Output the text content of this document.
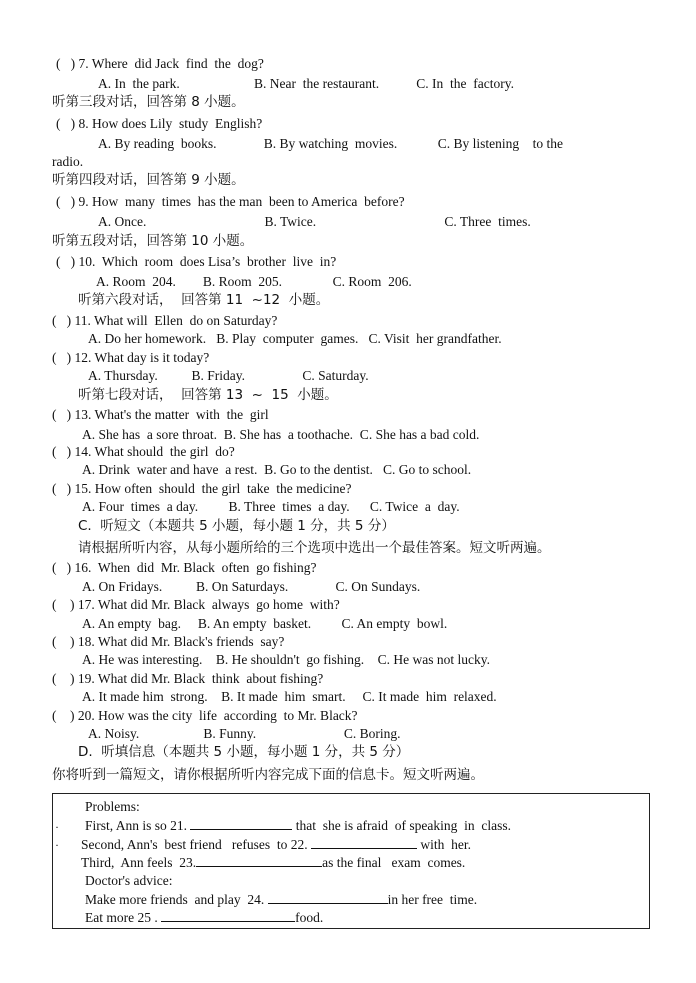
(   ) 7. Where  did Jack  find  the  dog?
A. In  the park.                      B. Near  the restaurant.           C. In  the  factory.
听第三段对话，回答第 8 小题。
(   ) 8. How does Lily  study  English?
A. By reading  books.              B. By watching  movies.            C. By listening    to the
radio.
听第四段对话，回答第 9 小题。
(   ) 9. How  many  times  has the man  been to America  before?
A. Once.                                   B. Twice.                                      C. Three  times.
听第五段对话，回答第 10 小题。
(   ) 10.  Which  room  does Lisa’s  brother  live  in?
A. Room  204.        B. Room  205.               C. Room  206.
听第六段对话，  回答第 11  ~12  小题。
(   ) 11. What will  Ellen  do on Saturday?
A. Do her homework.   B. Play  computer  games.   C. Visit  her grandfather.
(   ) 12. What day is it today?
A. Thursday.          B. Friday.                 C. Saturday.
听第七段对话，  回答第 13  ~  15  小题。
(   ) 13. What's the matter  with  the  girl
A. She has  a sore throat.  B. She has  a toothache.  C. She has a bad cold.
(   ) 14. What should  the girl  do?
A. Drink  water and have  a rest.  B. Go to the dentist.   C. Go to school.
(   ) 15. How often  should  the girl  take  the medicine?
A. Four  times  a day.         B. Three  times  a day.      C. Twice  a  day.
C.  听短文（本题共 5 小题，每小题 1 分，共 5 分）
请根据所听内容，从每小题所给的三个选项中选出一个最佳答案。短文听两遍。
(   ) 16.  When  did  Mr. Black  often  go fishing?
A. On Fridays.          B. On Saturdays.              C. On Sundays.
(    ) 17. What did Mr. Black  always  go home  with?
A. An empty  bag.     B. An empty  basket.         C. An empty  bowl.
(    ) 18. What did Mr. Black's friends  say?
A. He was interesting.    B. He shouldn't  go fishing.    C. He was not lucky.
(    ) 19. What did Mr. Black  think  about fishing?
A. It made him  strong.    B. It made  him  smart.     C. It made  him  relaxed.
(    ) 20. How was the city  life  according  to Mr. Black?
A. Noisy.                   B. Funny.                          C. Boring.
D.  听填信息（本题共 5 小题，每小题 1 分，共 5 分）
你将听到一篇短文，请你根据所听内容完成下面的信息卡。短文听两遍。
·
·
Problems:
First, Ann is so 21.	that  she is afraid  of speaking  in  class.
Second, Ann's  best friend   refuses  to 22.	with  her.
Third,  Ann feels  23.	as the final   exam  comes.
Doctor's advice:
Make more friends  and play  24.	in her free  time.
Eat more 25 .	food.
